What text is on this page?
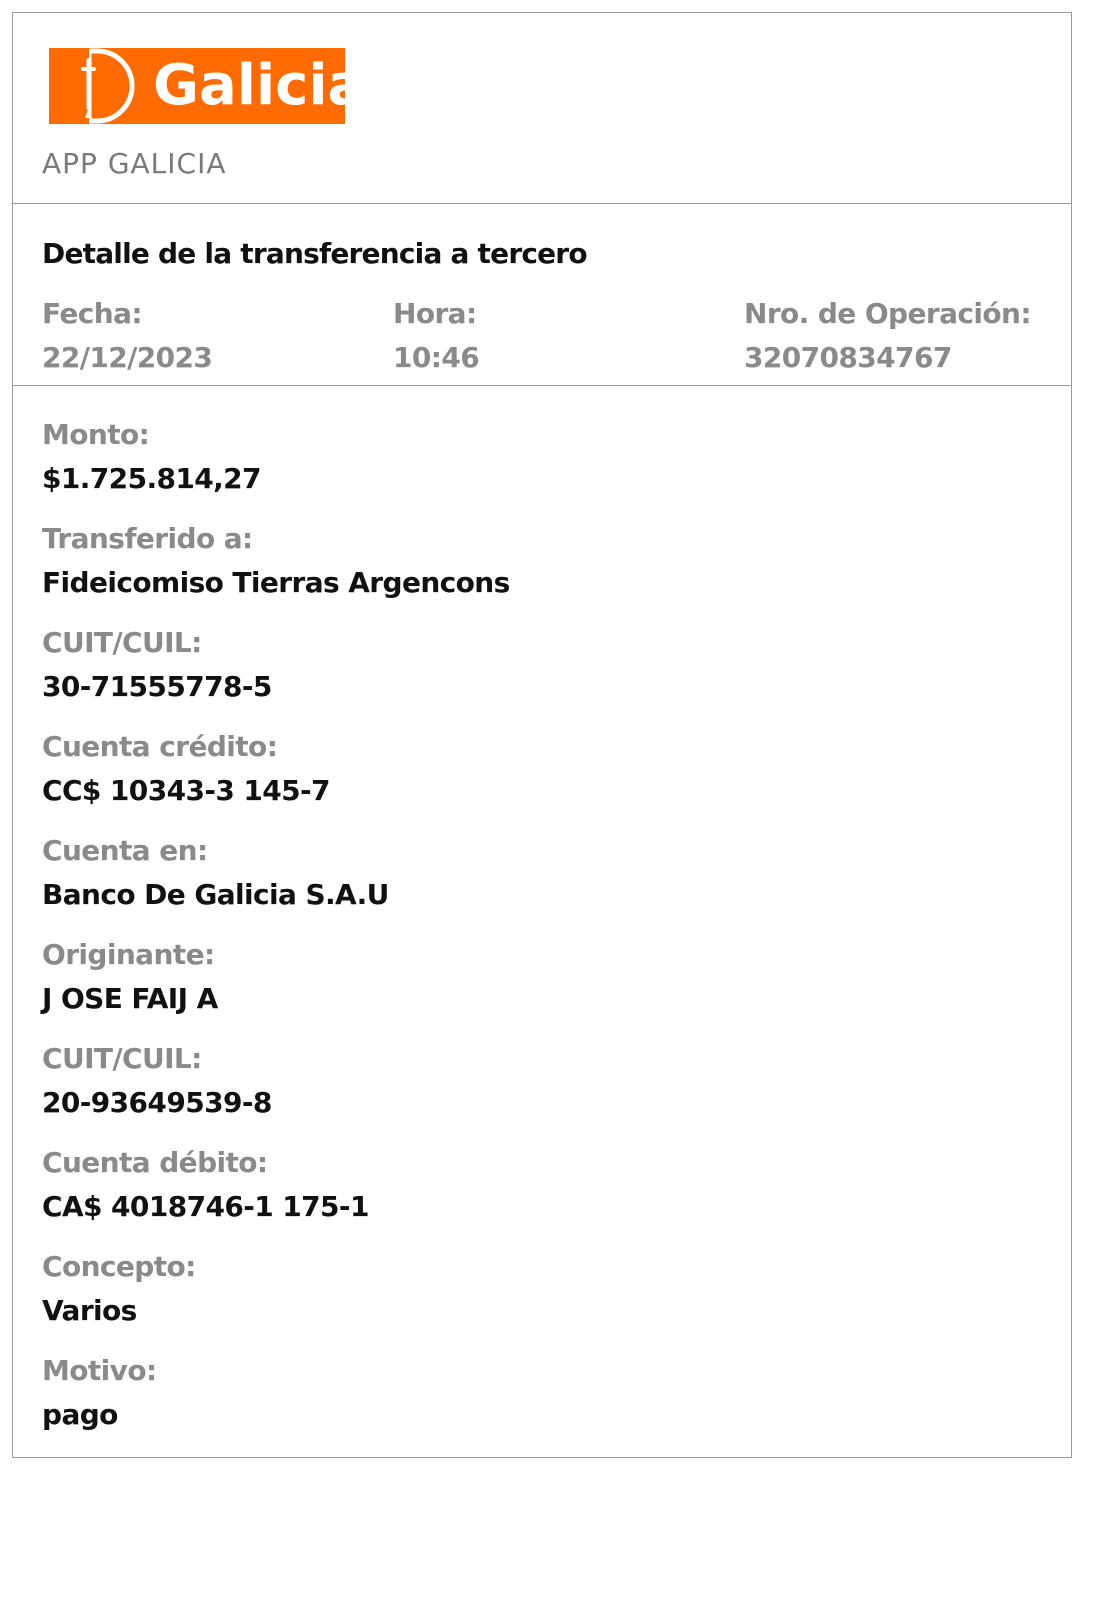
Galicia
APP GALICIA
Detalle de la transferencia a tercero
Fecha:
22/12/2023
Hora:
10:46
Nro. de Operación:
32070834767
Monto:
$1.725.814,27
Transferido a:
Fideicomiso Tierras Argencons
CUIT/CUIL:
30-71555778-5
Cuenta crédito:
CC$ 10343-3 145-7
Cuenta en:
Banco De Galicia S.A.U
Originante:
J OSE FAIJ A
CUIT/CUIL:
20-93649539-8
Cuenta débito:
CA$ 4018746-1 175-1
Concepto:
Varios
Motivo:
pago
